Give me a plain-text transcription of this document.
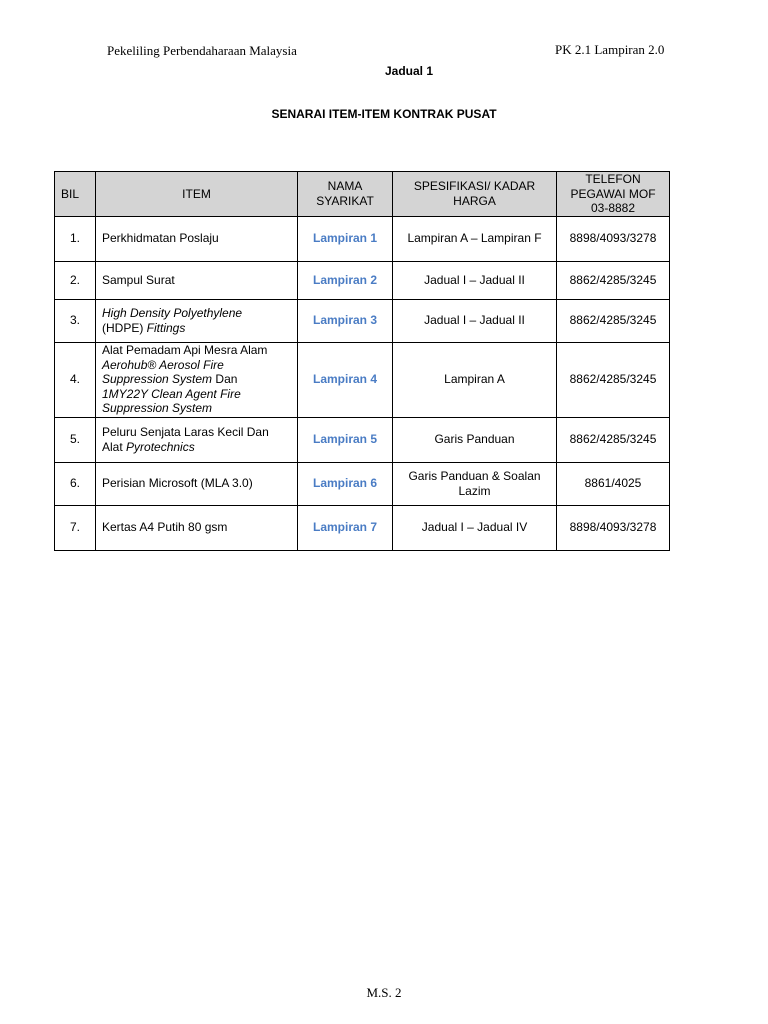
Pekeliling Perbendaharaan Malaysia	PK 2.1 Lampiran 2.0
Jadual 1
SENARAI ITEM-ITEM KONTRAK PUSAT
BIL	ITEM	NAMA SYARIKAT	SPESIFIKASI/ KADAR HARGA	TELEFON PEGAWAI MOF 03-8882
1.	Perkhidmatan Poslaju	Lampiran 1	Lampiran A – Lampiran F	8898/4093/3278
2.	Sampul Surat	Lampiran 2	Jadual I – Jadual II	8862/4285/3245
3.	High Density Polyethylene
(HDPE) Fittings	Lampiran 3	Jadual I – Jadual II	8862/4285/3245
4.	Alat Pemadam Api Mesra Alam
Aerohub® Aerosol Fire
Suppression System Dan
1MY22Y Clean Agent Fire
Suppression System	Lampiran 4	Lampiran A	8862/4285/3245
5.	Peluru Senjata Laras Kecil Dan
Alat Pyrotechnics	Lampiran 5	Garis Panduan	8862/4285/3245
6.	Perisian Microsoft (MLA 3.0)	Lampiran 6	Garis Panduan & Soalan Lazim	8861/4025
7.	Kertas A4 Putih 80 gsm	Lampiran 7	Jadual I – Jadual IV	8898/4093/3278
M.S. 2
